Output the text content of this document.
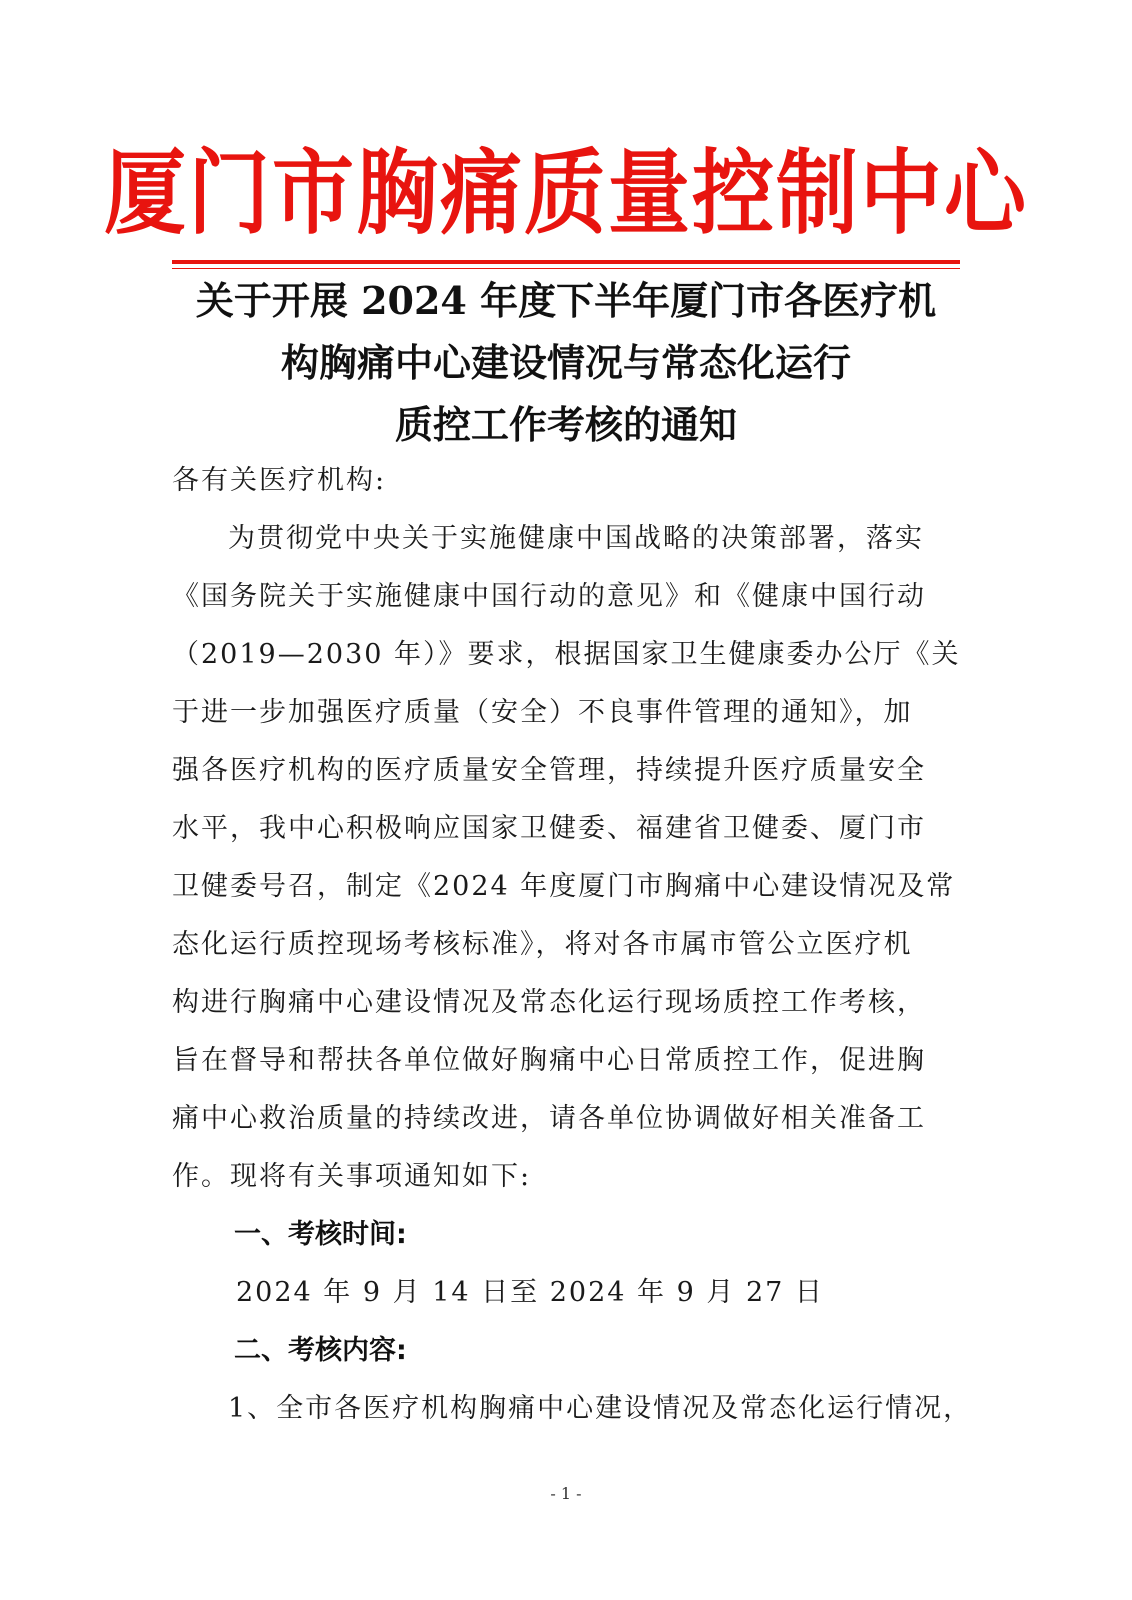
厦门市胸痛质量控制中心
关于开展 2024 年度下半年厦门市各医疗机
构胸痛中心建设情况与常态化运行
质控工作考核的通知
各有关医疗机构:
为贯彻党中央关于实施健康中国战略的决策部署，落实
《国务院关于实施健康中国行动的意见》和《健康中国行动
（2019—2030 年）》要求，根据国家卫生健康委办公厅《关
于进一步加强医疗质量（安全）不良事件管理的通知》，加
强各医疗机构的医疗质量安全管理，持续提升医疗质量安全
水平，我中心积极响应国家卫健委、福建省卫健委、厦门市
卫健委号召，制定《2024 年度厦门市胸痛中心建设情况及常
态化运行质控现场考核标准》，将对各市属市管公立医疗机
构进行胸痛中心建设情况及常态化运行现场质控工作考核，
旨在督导和帮扶各单位做好胸痛中心日常质控工作，促进胸
痛中心救治质量的持续改进，请各单位协调做好相关准备工
作。现将有关事项通知如下:
一、考核时间:
2024 年 9 月 14 日至 2024 年 9 月 27 日
二、考核内容:
1、全市各医疗机构胸痛中心建设情况及常态化运行情况，
- 1 -
